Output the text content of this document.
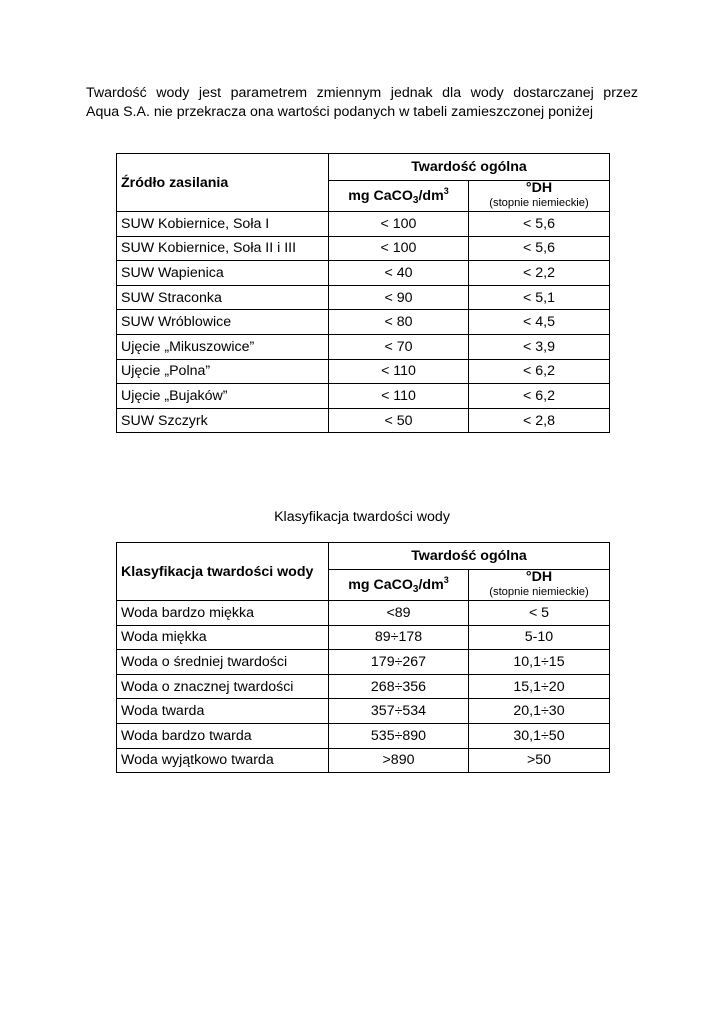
Twardość wody jest parametrem zmiennym jednak dla wody dostarczanej przez
Aqua S.A. nie przekracza ona wartości podanych w tabeli zamieszczonej poniżej
Źródło zasilania	Twardość ogólna	
	mg $CaCO_3/dm^3$	°DH
(stopnie niemieckie)

SUW Kobiernice, Soła I	< 100	< 5,6
SUW Kobiernice, Soła II i III	< 100	< 5,6
SUW Wapienica	< 40	< 2,2
SUW Straconka	< 90	< 5,1
SUW Wróblowice	< 80	< 4,5
Ujęcie „Mikuszowice”	< 70	< 3,9
Ujęcie „Polna”	< 110	< 6,2
Ujęcie „Bujaków”	< 110	< 6,2
SUW Szczyrk	< 50	< 2,8
Klasyfikacja twardości wody
Klasyfikacja twardości wody	Twardość ogólna	
	mg $CaCO_3/dm^3$	°DH
(stopnie niemieckie)

Woda bardzo miękka	<89	< 5
Woda miękka	89÷178	5-10
Woda o średniej twardości	179÷267	10,1÷15
Woda o znacznej twardości	268÷356	15,1÷20
Woda twarda	357÷534	20,1÷30
Woda bardzo twarda	535÷890	30,1÷50
Woda wyjątkowo twarda	>890	>50
